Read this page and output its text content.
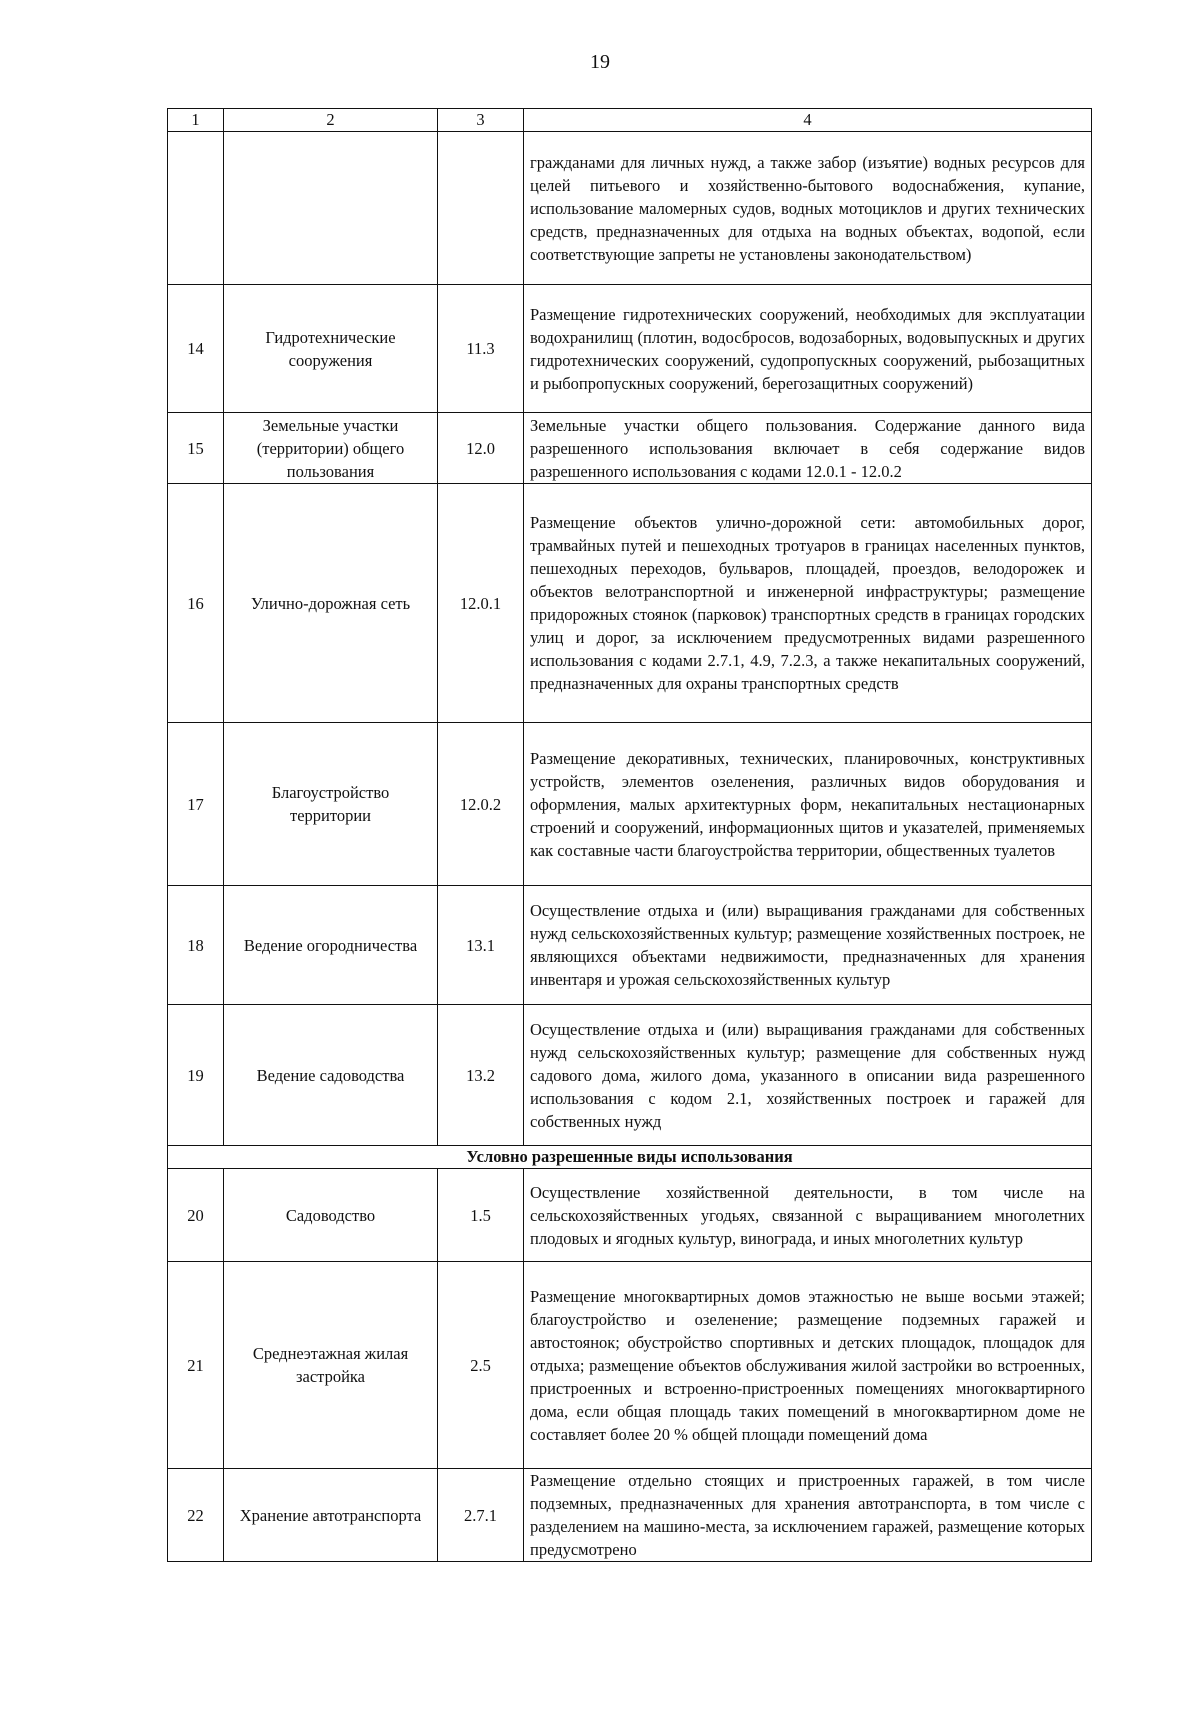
19
1	2	3	4
			гражданами для личных нужд, а также забор (изъятие) водных ресурсов для целей питьевого и хозяйственно-бытового водоснабжения, купание, использование маломерных судов, водных мотоциклов и других технических средств, предназначенных для отдыха на водных объектах, водопой, если соответствующие запреты не установлены законодательством)
14	Гидротехнические сооружения	11.3	Размещение гидротехнических сооружений, необходимых для эксплуатации водохранилищ (плотин, водосбросов, водозаборных, водовыпускных и других гидротехнических сооружений, судопропускных сооружений, рыбозащитных и рыбопропускных сооружений, берегозащитных сооружений)
15	Земельные участки (территории) общего пользования	12.0	Земельные участки общего пользования. Содержание данного вида разрешенного использования включает в себя содержание видов разрешенного использования с кодами 12.0.1 - 12.0.2
16	Улично-дорожная сеть	12.0.1	Размещение объектов улично-дорожной сети: автомобильных дорог, трамвайных путей и пешеходных тротуаров в границах населенных пунктов, пешеходных переходов, бульваров, площадей, проездов, велодорожек и объектов велотранспортной и инженерной инфраструктуры; размещение придорожных стоянок (парковок) транспортных средств в границах городских улиц и дорог, за исключением предусмотренных видами разрешенного использования с кодами 2.7.1, 4.9, 7.2.3, а также некапитальных сооружений, предназначенных для охраны транспортных средств
17	Благоустройство территории	12.0.2	Размещение декоративных, технических, планировочных, конструктивных устройств, элементов озеленения, различных видов оборудования и оформления, малых архитектурных форм, некапитальных нестационарных строений и сооружений, информационных щитов и указателей, применяемых как составные части благоустройства территории, общественных туалетов
18	Ведение огородничества	13.1	Осуществление отдыха и (или) выращивания гражданами для собственных нужд сельскохозяйственных культур; размещение хозяйственных построек, не являющихся объектами недвижимости, предназначенных для хранения инвентаря и урожая сельскохозяйственных культур
19	Ведение садоводства	13.2	Осуществление отдыха и (или) выращивания гражданами для собственных нужд сельскохозяйственных культур; размещение для собственных нужд садового дома, жилого дома, указанного в описании вида разрешенного использования с кодом 2.1, хозяйственных построек и гаражей для собственных нужд
Условно разрешенные виды использования			
20	Садоводство	1.5	Осуществление хозяйственной деятельности, в том числе на сельскохозяйственных угодьях, связанной с выращиванием многолетних плодовых и ягодных культур, винограда, и иных многолетних культур
21	Среднеэтажная жилая застройка	2.5	Размещение многоквартирных домов этажностью не выше восьми этажей; благоустройство и озеленение; размещение подземных гаражей и автостоянок; обустройство спортивных и детских площадок, площадок для отдыха; размещение объектов обслуживания жилой застройки во встроенных, пристроенных и встроенно-пристроенных помещениях многоквартирного дома, если общая площадь таких помещений в многоквартирном доме не составляет более 20 % общей площади помещений дома
22	Хранение автотранспорта	2.7.1	Размещение отдельно стоящих и пристроенных гаражей, в том числе подземных, предназначенных для хранения автотранспорта, в том числе с разделением на машино-места, за исключением гаражей, размещение которых предусмотрено
